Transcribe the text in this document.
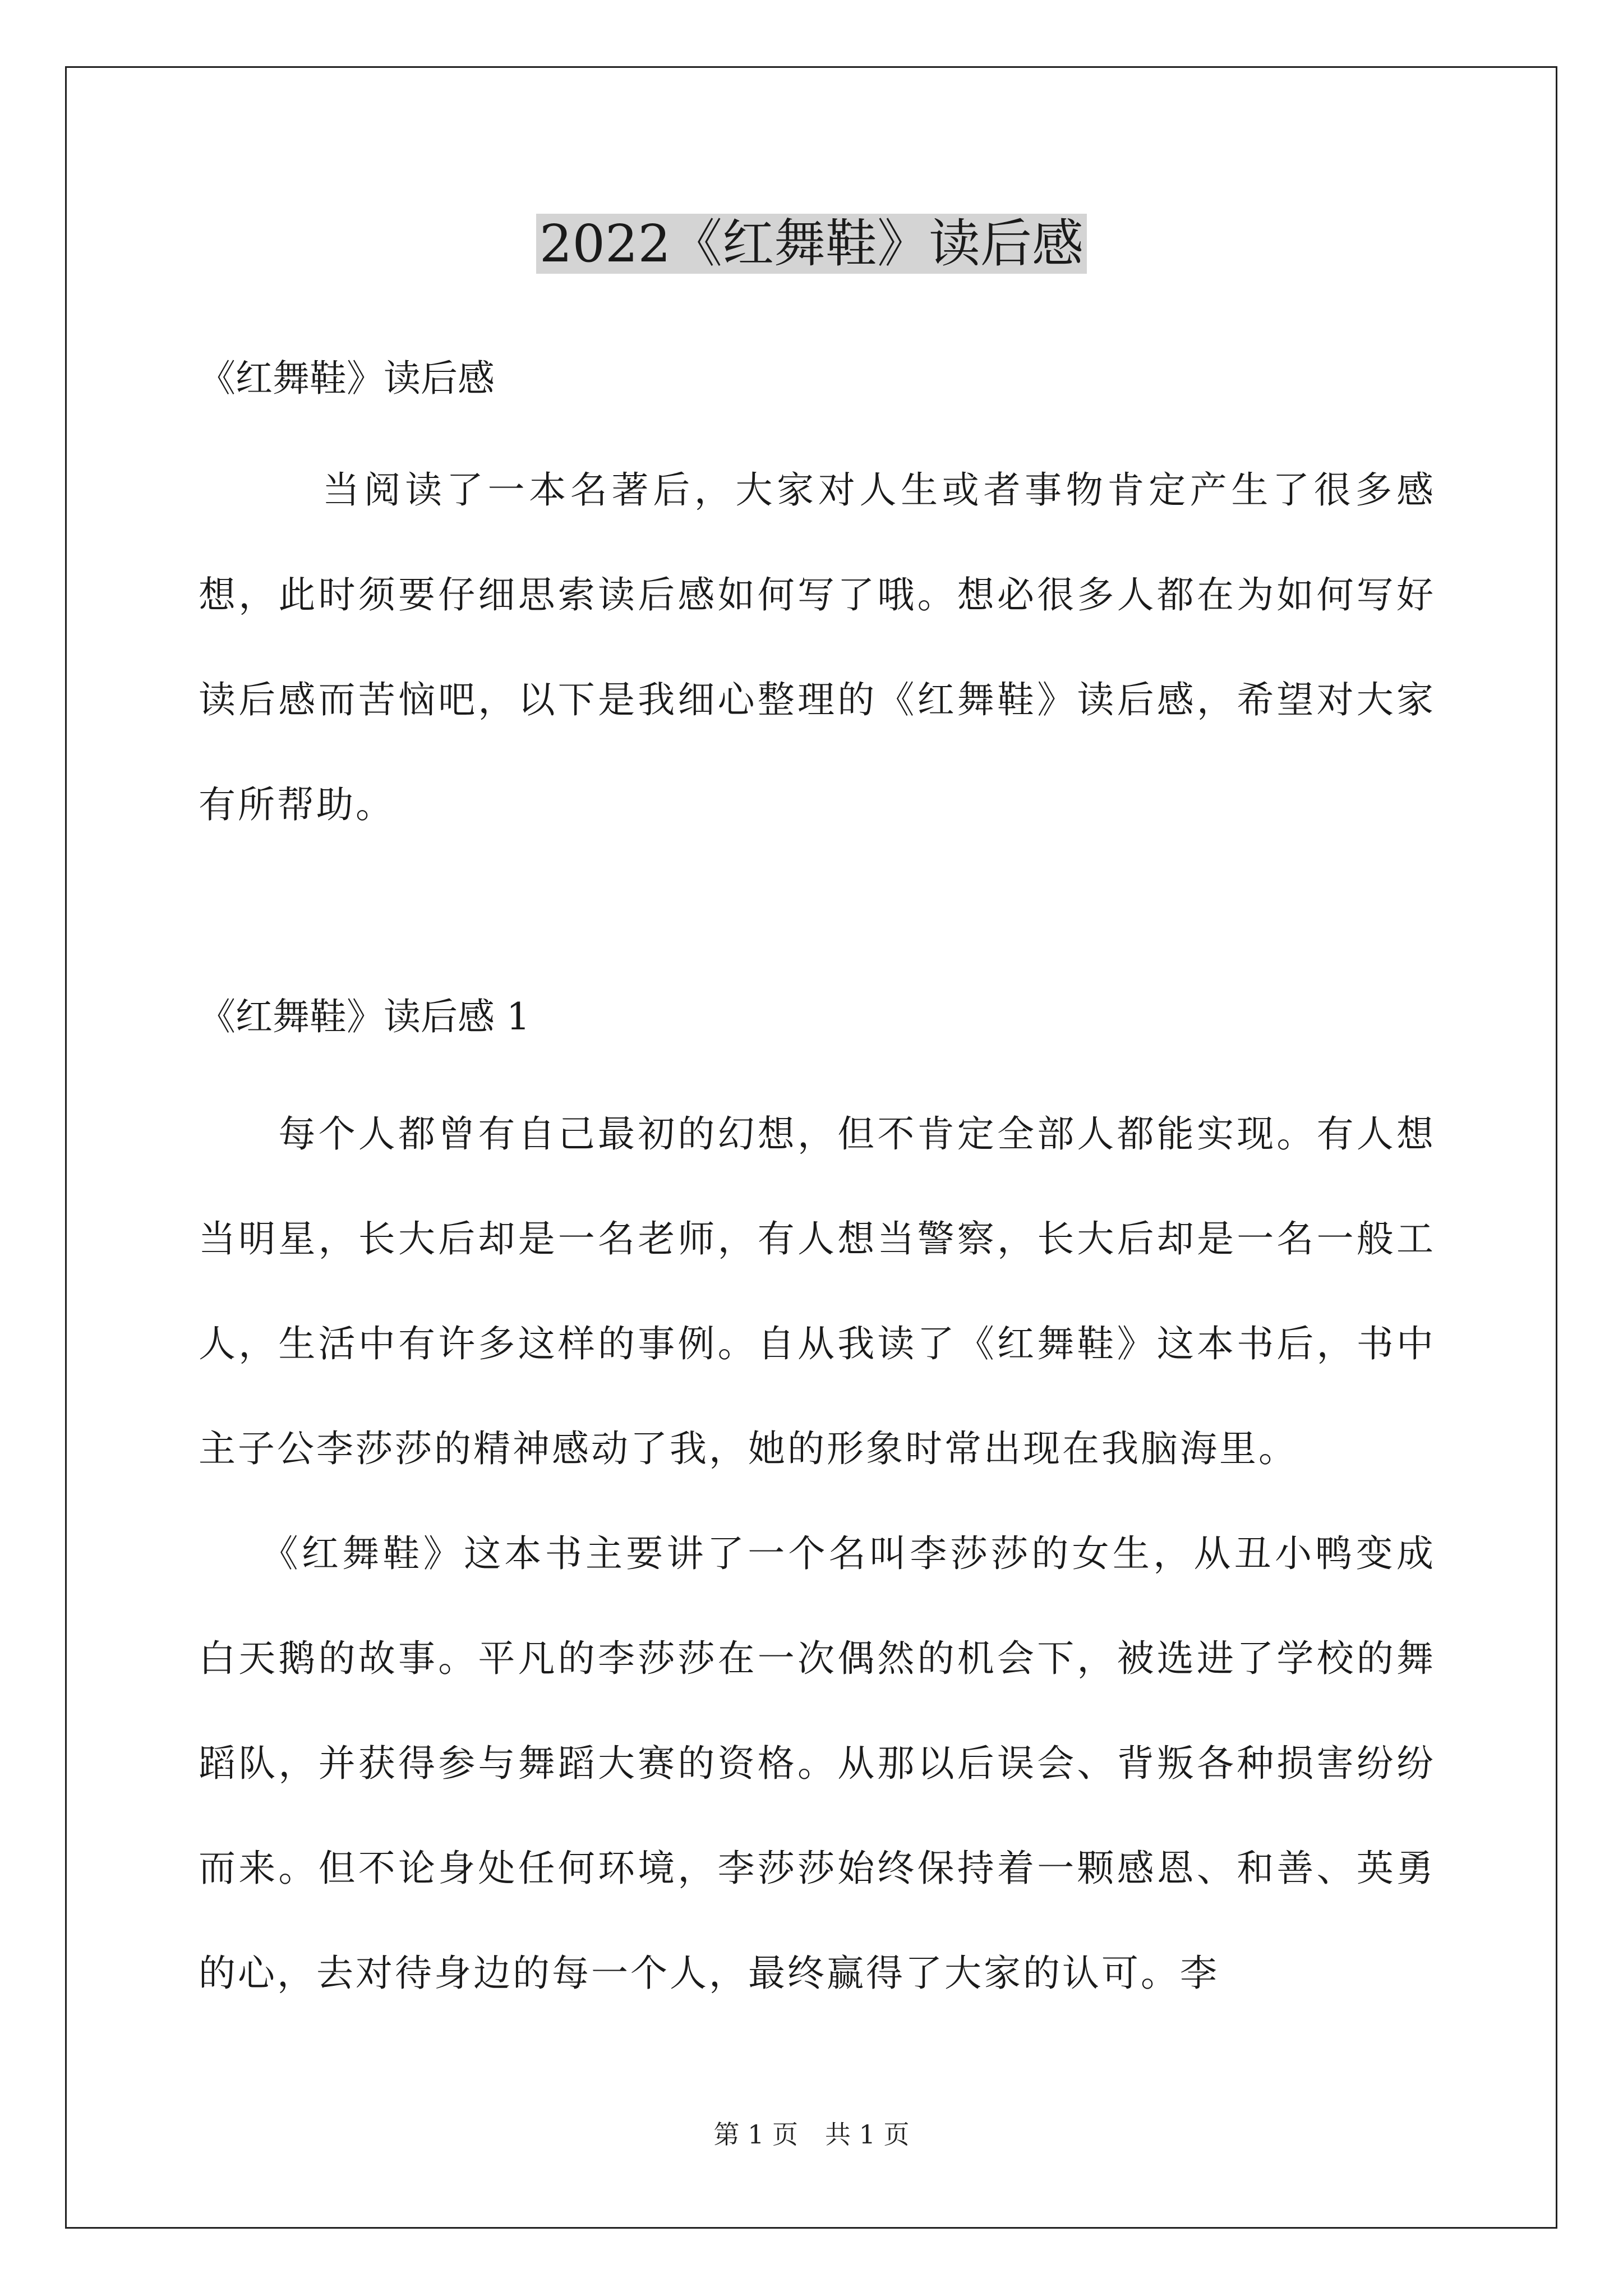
2022《红舞鞋》读后感

《红舞鞋》读后感

　　　当阅读了一本名著后，大家对人生或者事物肯定产生了很多感想，此时须要仔细思索读后感如何写了哦。想必很多人都在为如何写好读后感而苦恼吧，以下是我细心整理的《红舞鞋》读后感，希望对大家有所帮助。

《红舞鞋》读后感 1

　　每个人都曾有自己最初的幻想，但不肯定全部人都能实现。有人想当明星，长大后却是一名老师，有人想当警察，长大后却是一名一般工人，生活中有许多这样的事例。自从我读了《红舞鞋》这本书后，书中主子公李莎莎的精神感动了我，她的形象时常出现在我脑海里。

　　《红舞鞋》这本书主要讲了一个名叫李莎莎的女生，从丑小鸭变成白天鹅的故事。平凡的李莎莎在一次偶然的机会下，被选进了学校的舞蹈队，并获得参与舞蹈大赛的资格。从那以后误会、背叛各种损害纷纷而来。但不论身处任何环境，李莎莎始终保持着一颗感恩、和善、英勇的心，去对待身边的每一个人，最终赢得了大家的认可。李

第 1 页 共 1 页
